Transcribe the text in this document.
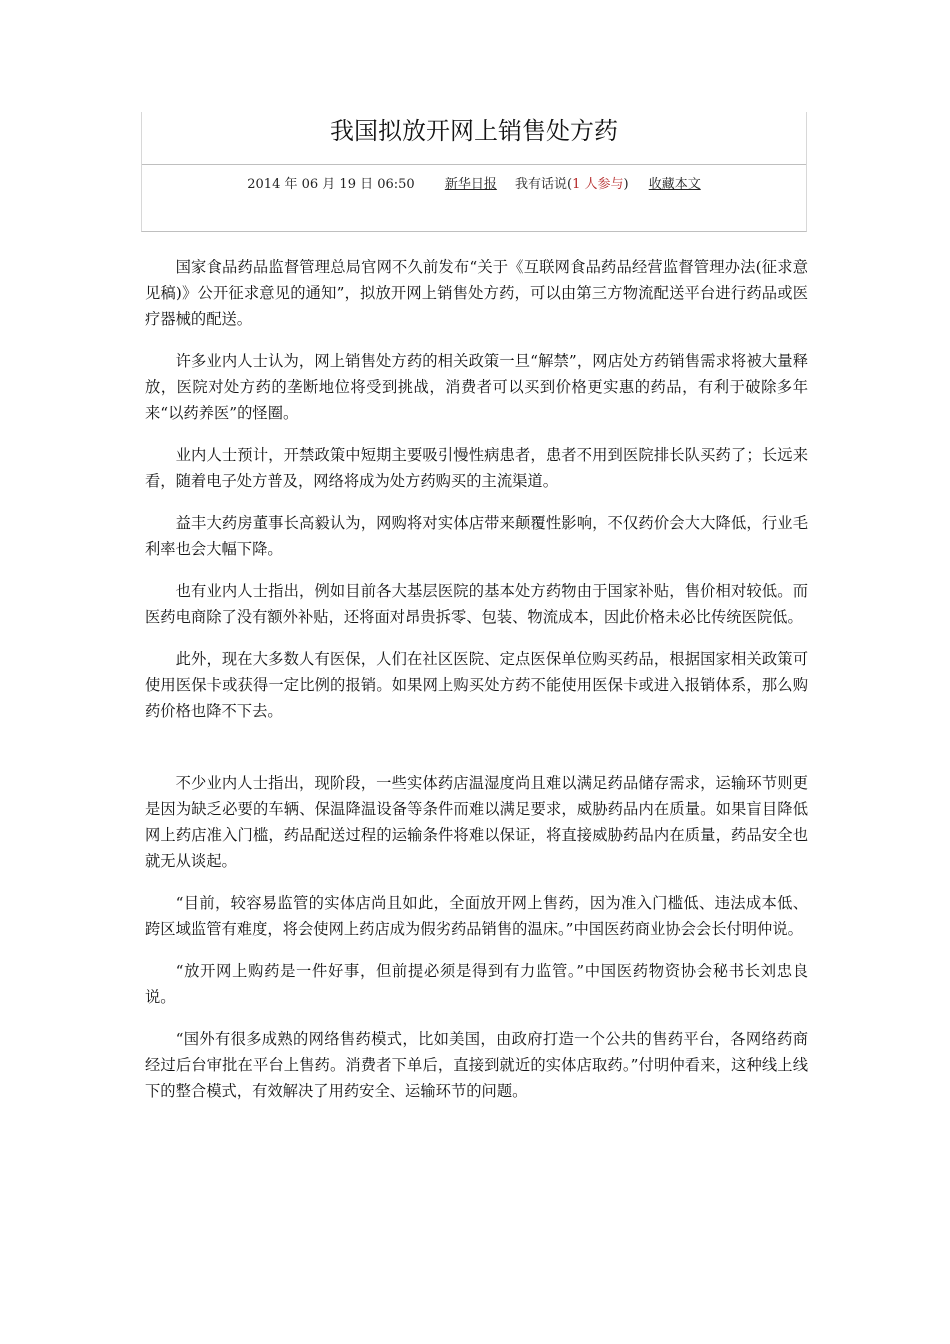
我国拟放开网上销售处方药
2014 年 06 月 19 日 06:50 新华日报 我有话说(1 人参与) 收藏本文

国家食品药品监督管理总局官网不久前发布“关于《互联网食品药品经营监督管理办法(征求意见稿)》公开征求意见的通知”，拟放开网上销售处方药，可以由第三方物流配送平台进行药品或医疗器械的配送。

许多业内人士认为，网上销售处方药的相关政策一旦“解禁”，网店处方药销售需求将被大量释放，医院对处方药的垄断地位将受到挑战，消费者可以买到价格更实惠的药品，有利于破除多年来“以药养医”的怪圈。

业内人士预计，开禁政策中短期主要吸引慢性病患者，患者不用到医院排长队买药了；长远来看，随着电子处方普及，网络将成为处方药购买的主流渠道。

益丰大药房董事长高毅认为，网购将对实体店带来颠覆性影响，不仅药价会大大降低，行业毛利率也会大幅下降。

也有业内人士指出，例如目前各大基层医院的基本处方药物由于国家补贴，售价相对较低。而医药电商除了没有额外补贴，还将面对昂贵拆零、包装、物流成本，因此价格未必比传统医院低。

此外，现在大多数人有医保，人们在社区医院、定点医保单位购买药品，根据国家相关政策可使用医保卡或获得一定比例的报销。如果网上购买处方药不能使用医保卡或进入报销体系，那么购药价格也降不下去。

不少业内人士指出，现阶段，一些实体药店温湿度尚且难以满足药品储存需求，运输环节则更是因为缺乏必要的车辆、保温降温设备等条件而难以满足要求，威胁药品内在质量。如果盲目降低网上药店准入门槛，药品配送过程的运输条件将难以保证，将直接威胁药品内在质量，药品安全也就无从谈起。

“目前，较容易监管的实体店尚且如此，全面放开网上售药，因为准入门槛低、违法成本低、跨区域监管有难度，将会使网上药店成为假劣药品销售的温床。”中国医药商业协会会长付明仲说。

“放开网上购药是一件好事，但前提必须是得到有力监管。”中国医药物资协会秘书长刘忠良说。

“国外有很多成熟的网络售药模式，比如美国，由政府打造一个公共的售药平台，各网络药商经过后台审批在平台上售药。消费者下单后，直接到就近的实体店取药。”付明仲看来，这种线上线下的整合模式，有效解决了用药安全、运输环节的问题。
